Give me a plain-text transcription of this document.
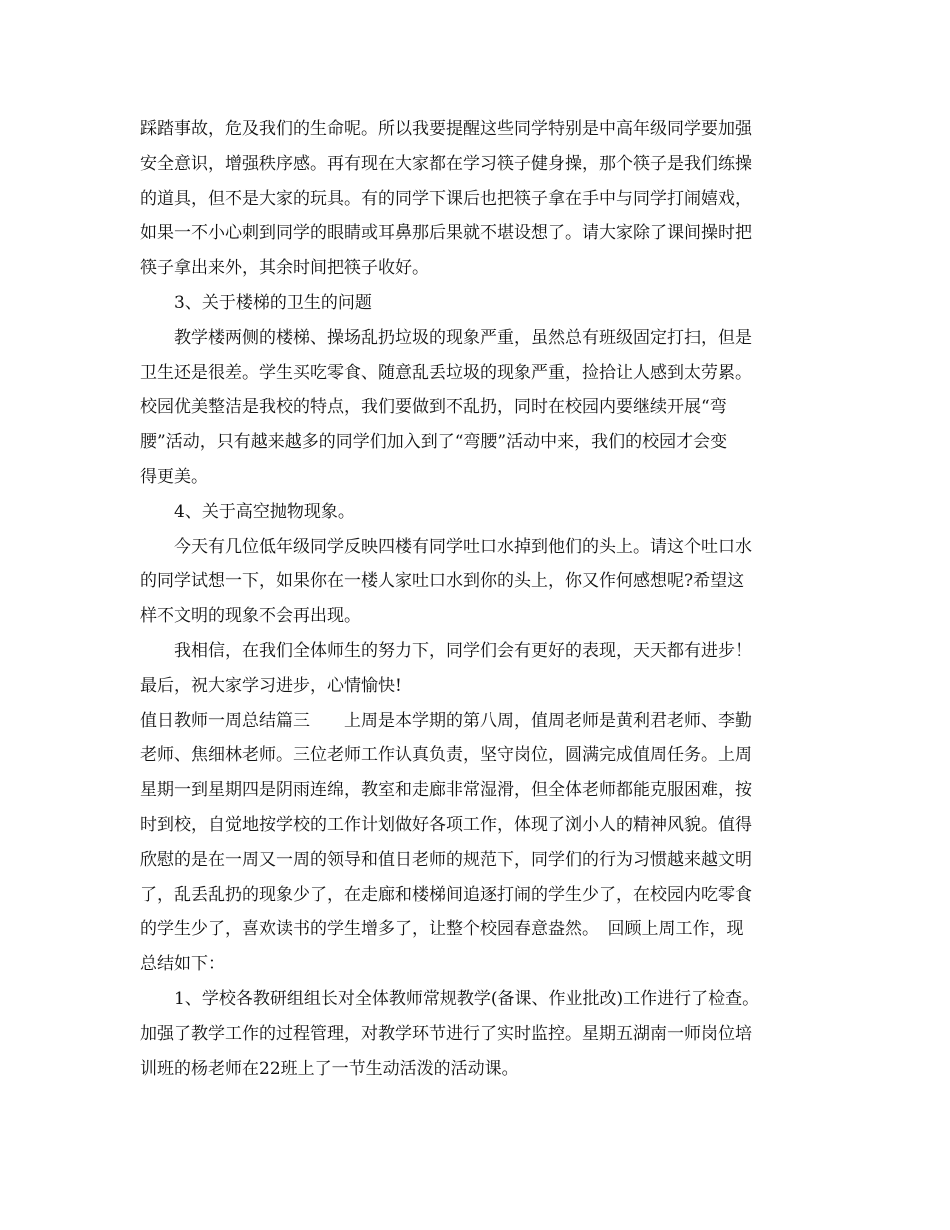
踩踏事故，危及我们的生命呢。所以我要提醒这些同学特别是中高年级同学要加强
安全意识，增强秩序感。再有现在大家都在学习筷子健身操，那个筷子是我们练操
的道具，但不是大家的玩具。有的同学下课后也把筷子拿在手中与同学打闹嬉戏，
如果一不小心刺到同学的眼睛或耳鼻那后果就不堪设想了。请大家除了课间操时把
筷子拿出来外，其余时间把筷子收好。
3、关于楼梯的卫生的问题
教学楼两侧的楼梯、操场乱扔垃圾的现象严重，虽然总有班级固定打扫，但是
卫生还是很差。学生买吃零食、随意乱丢垃圾的现象严重，捡拾让人感到太劳累。
校园优美整洁是我校的特点，我们要做到不乱扔，同时在校园内要继续开展“弯
腰”活动，只有越来越多的同学们加入到了“弯腰”活动中来，我们的校园才会变
得更美。
4、关于高空抛物现象。
今天有几位低年级同学反映四楼有同学吐口水掉到他们的头上。请这个吐口水
的同学试想一下，如果你在一楼人家吐口水到你的头上，你又作何感想呢?希望这
样不文明的现象不会再出现。
我相信，在我们全体师生的努力下，同学们会有更好的表现，天天都有进步！
最后，祝大家学习进步，心情愉快!
值日教师一周总结篇三　　上周是本学期的第八周，值周老师是黄利君老师、李勤
老师、焦细林老师。三位老师工作认真负责，坚守岗位，圆满完成值周任务。上周
星期一到星期四是阴雨连绵，教室和走廊非常湿滑，但全体老师都能克服困难，按
时到校，自觉地按学校的工作计划做好各项工作，体现了浏小人的精神风貌。值得
欣慰的是在一周又一周的领导和值日老师的规范下，同学们的行为习惯越来越文明
了，乱丢乱扔的现象少了，在走廊和楼梯间追逐打闹的学生少了，在校园内吃零食
的学生少了，喜欢读书的学生增多了，让整个校园春意盎然。　回顾上周工作，现
总结如下：
1、学校各教研组组长对全体教师常规教学(备课、作业批改)工作进行了检查。
加强了教学工作的过程管理，对教学环节进行了实时监控。星期五湖南一师岗位培
训班的杨老师在22班上了一节生动活泼的活动课。
